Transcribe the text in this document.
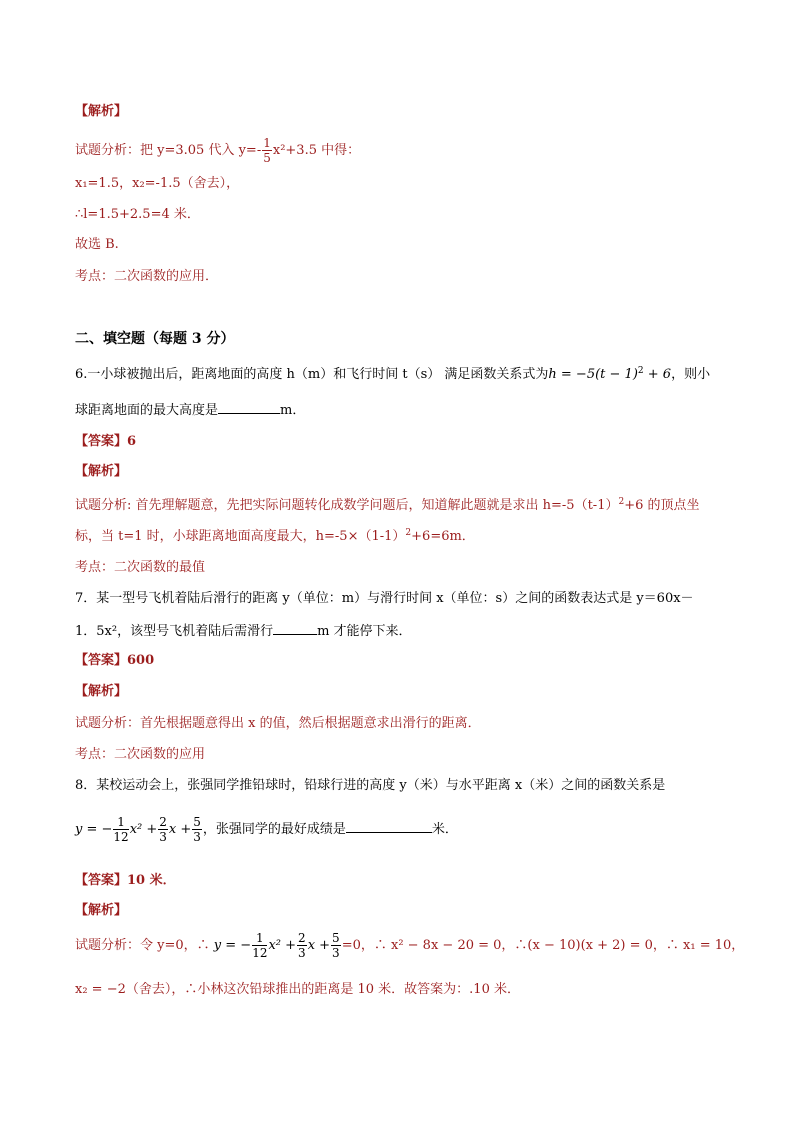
【解析】
试题分析：把 y=3.05 代入 $y=- \frac{1}{5} x^2+3.5$ 中得：
x₁=1.5，x₂=-1.5（舍去），
∴l=1.5+2.5=4 米．
故选 B.
考点：二次函数的应用．
二、填空题（每题 3 分）
6.一小球被抛出后，距离地面的高度 h（m）和飞行时间 t（s） 满足函数关系式为$h = -5(t - 1)^2 + 6$，则小
球距离地面的最大高度是	m．
【答案】6
【解析】
试题分析: 首先理解题意，先把实际问题转化成数学问题后，知道解此题就是求出 $h=-5(t-1)^2+6$ 的顶点坐
标，当 t=1 时，小球距离地面高度最大，$h=-5\times(1-1)^2+6=6m$．
考点：二次函数的最值
7．某一型号飞机着陆后滑行的距离 y（单位：m）与滑行时间 x（单位：s）之间的函数表达式是 y＝60x－
1．5x²，该型号飞机着陆后需滑行	m 才能停下来．
【答案】600
【解析】
试题分析：首先根据题意得出 x 的值，然后根据题意求出滑行的距离．
考点：二次函数的应用
8．某校运动会上，张强同学推铅球时，铅球行进的高度 y（米）与水平距离 x（米）之间的函数关系是
y = − $\frac{1}{12} x^2 + \frac{2}{3}$ $x + \frac{5}{3}$ ，张强同学的最好成绩是	米．
【答案】10 米．
【解析】
试题分析：令 y=0，∴ y = − $\frac{1}{12} x^2 + \frac{2}{3}$ $x + \frac{5}{3} =0$，∴ x² − 8x − 20 = 0，∴(x − 10)(x + 2) = 0，∴ x₁ = 10，
x₂ = −2（舍去），∴小林这次铅球推出的距离是 10 米．故答案为：.10 米．
